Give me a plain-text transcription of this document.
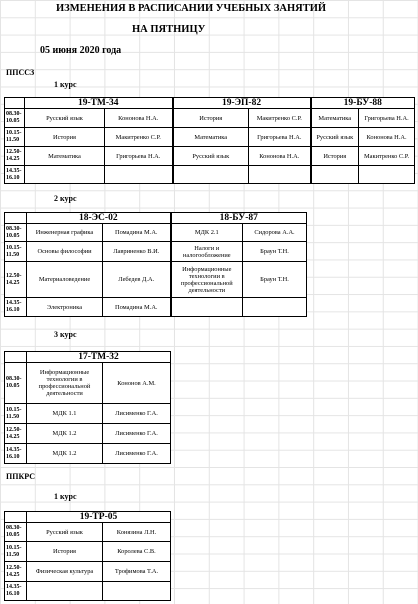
ИЗМЕНЕНИЯ В РАСПИСАНИИ УЧЕБНЫХ ЗАНЯТИЙ
НА ПЯТНИЦУ
05 июня 2020 года
ППССЗ
1 курс
	19-ТМ-34		19-ЭП-82		19-БУ-88	
08.30-10.05	Русский язык	Кононова Н.А.	История	Макитренко С.Р.	Математика	Григорьева Н.А.
10.15-11.50	История	Макитренко С.Р.	Математика	Григорьева Н.А.	Русский язык	Кононова Н.А.
12.50-14.25	Математика	Григорьева Н.А.	Русский язык	Кононова Н.А.	История	Макитренко С.Р.
14.35-16.10						
2 курс
	18-ЭС-02		18-БУ-87	
08.30-10.05	Инженерная графика	Помадина М.А.	МДК 2.1	Сидорова А.А.
10.15-11.50	Основы философии	Лавриненко В.И.	Налоги и налогообложение	Браун Т.Н.
12.50-14.25	Материаловедение	Лебедев Д.А.	Информационные технологии в профессиональной деятельности	Браун Т.Н.
14.35-16.10	Электроника	Помадина М.А.		
3 курс
	17-ТМ-32	
08.30-10.05	Информационные технологии в профессиональной деятельности	Кононов А.М.
10.15-11.50	МДК 1.1	Лисименко Г.А.
12.50-14.25	МДК 1.2	Лисименко Г.А.
14.35-16.10	МДК 1.2	Лисименко Г.А.
ППКРС
1 курс
	19-ТР-05	
08.30-10.05	Русский язык	Конязина Л.Н.
10.15-11.50	История	Королева С.В.
12.50-14.25	Физическая культура	Трофимова Т.А.
14.35-16.10		
